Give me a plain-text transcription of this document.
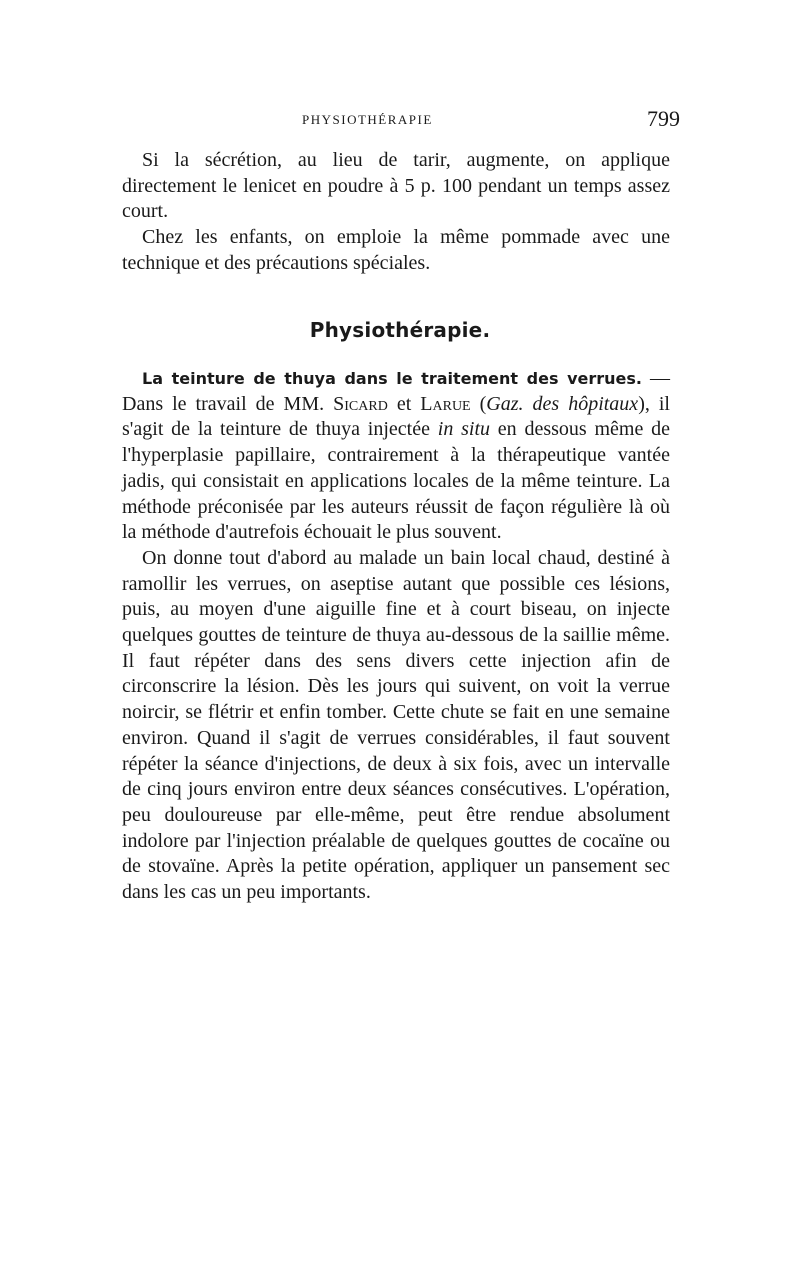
PHYSIOTHÉRAPIE	799

Si la sécrétion, au lieu de tarir, augmente, on applique directement le lenicet en poudre à 5 p. 100 pendant un temps assez court.

Chez les enfants, on emploie la même pommade avec une technique et des précautions spéciales.

Physiothérapie.

La teinture de thuya dans le traitement des verrues. — Dans le travail de MM. Sicard et Larue (Gaz. des hôpitaux), il s'agit de la teinture de thuya injectée in situ en dessous même de l'hyperplasie papillaire, contrairement à la thérapeutique vantée jadis, qui consistait en applications locales de la même teinture. La méthode préconisée par les auteurs réussit de façon régulière là où la méthode d'autrefois échouait le plus souvent.

On donne tout d'abord au malade un bain local chaud, destiné à ramollir les verrues, on aseptise autant que possible ces lésions, puis, au moyen d'une aiguille fine et à court biseau, on injecte quelques gouttes de teinture de thuya au-dessous de la saillie même. Il faut répéter dans des sens divers cette injection afin de circonscrire la lésion. Dès les jours qui suivent, on voit la verrue noircir, se flétrir et enfin tomber. Cette chute se fait en une semaine environ. Quand il s'agit de verrues considérables, il faut souvent répéter la séance d'injections, de deux à six fois, avec un intervalle de cinq jours environ entre deux séances consécutives. L'opération, peu douloureuse par elle-même, peut être rendue absolument indolore par l'injection préalable de quelques gouttes de cocaïne ou de stovaïne. Après la petite opération, appliquer un pansement sec dans les cas un peu importants.
